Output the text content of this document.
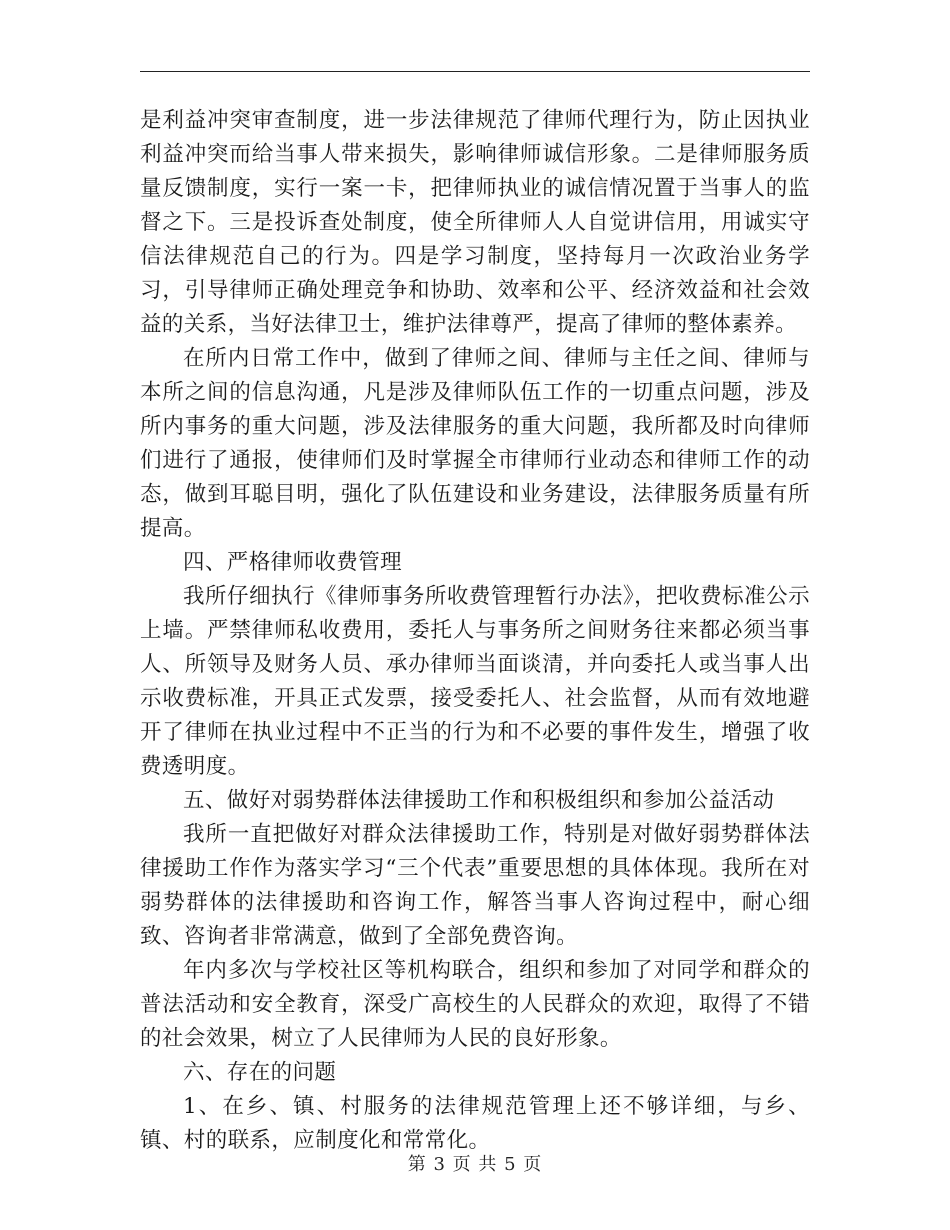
是利益冲突审查制度，进一步法律规范了律师代理行为，防止因执业利益冲突而给当事人带来损失，影响律师诚信形象。二是律师服务质量反馈制度，实行一案一卡，把律师执业的诚信情况置于当事人的监督之下。三是投诉查处制度，使全所律师人人自觉讲信用，用诚实守信法律规范自己的行为。四是学习制度，坚持每月一次政治业务学习，引导律师正确处理竞争和协助、效率和公平、经济效益和社会效益的关系，当好法律卫士，维护法律尊严，提高了律师的整体素养。

在所内日常工作中，做到了律师之间、律师与主任之间、律师与本所之间的信息沟通，凡是涉及律师队伍工作的一切重点问题，涉及所内事务的重大问题，涉及法律服务的重大问题，我所都及时向律师们进行了通报，使律师们及时掌握全市律师行业动态和律师工作的动态，做到耳聪目明，强化了队伍建设和业务建设，法律服务质量有所提高。

四、严格律师收费管理

我所仔细执行《律师事务所收费管理暂行办法》，把收费标准公示上墙。严禁律师私收费用，委托人与事务所之间财务往来都必须当事人、所领导及财务人员、承办律师当面谈清，并向委托人或当事人出示收费标准，开具正式发票，接受委托人、社会监督，从而有效地避开了律师在执业过程中不正当的行为和不必要的事件发生，增强了收费透明度。

五、做好对弱势群体法律援助工作和积极组织和参加公益活动

我所一直把做好对群众法律援助工作，特别是对做好弱势群体法律援助工作作为落实学习“三个代表”重要思想的具体体现。我所在对弱势群体的法律援助和咨询工作，解答当事人咨询过程中，耐心细致、咨询者非常满意，做到了全部免费咨询。

年内多次与学校社区等机构联合，组织和参加了对同学和群众的普法活动和安全教育，深受广高校生的人民群众的欢迎，取得了不错的社会效果，树立了人民律师为人民的良好形象。

六、存在的问题

1、在乡、镇、村服务的法律规范管理上还不够详细，与乡、镇、村的联系，应制度化和常常化。

第 3 页 共 5 页
